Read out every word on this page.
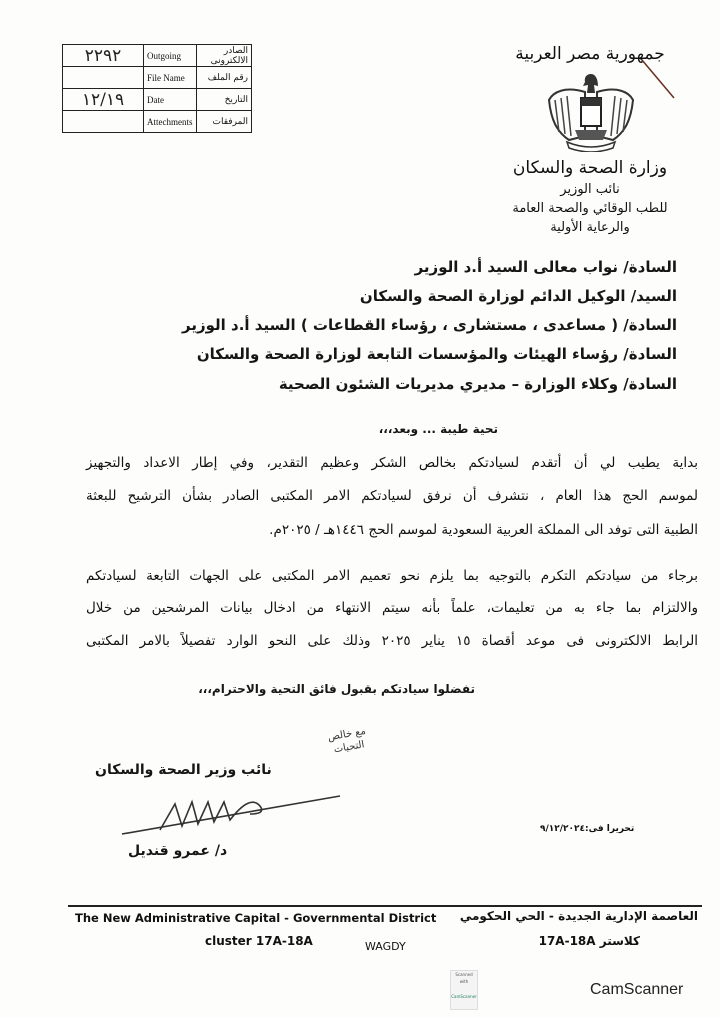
٢٢٩٢	Outgoing	الصادر الالكترونى
	File Name	رقم الملف
١٢/١٩	Date	التاريخ
	Attechments	المرفقات
جمهورية مصر العربية
وزارة الصحة والسكان
نائب الوزير
للطب الوقائي والصحة العامة
والرعاية الأولية
السادة/ نواب معالى السيد أ.د الوزير
السيد/ الوكيل الدائم لوزارة الصحة والسكان
السادة/ ( مساعدى ، مستشارى ، رؤساء القطاعات ) السيد أ.د الوزير
السادة/ رؤساء الهيئات والمؤسسات التابعة لوزارة الصحة والسكان
السادة/ وكلاء الوزارة – مديري مديريات الشئون الصحية
تحية طيبة ... وبعد،،،
بداية يطيب لي أن أتقدم لسيادتكم بخالص الشكر وعظيم التقدير، وفي إطار الاعداد والتجهيز
لموسم الحج هذا العام ، نتشرف أن نرفق لسيادتكم الامر المكتبى الصادر بشأن الترشيح للبعثة
الطبية التى توفد الى المملكة العربية السعودية لموسم الحج ١٤٤٦هـ / ٢٠٢٥م.
برجاء من سيادتكم التكرم بالتوجيه بما يلزم نحو تعميم الامر المكتبى على الجهات التابعة لسيادتكم
والالتزام بما جاء به من تعليمات، علماً بأنه سيتم الانتهاء من ادخال بيانات المرشحين من خلال
الرابط الالكترونى فى موعد أقصاة ١٥ يناير ٢٠٢٥ وذلك على النحو الوارد تفصيلاً بالامر المكتبى
تفضلوا سيادتكم بقبول فائق التحية والاحترام،،،
مع خالص التحيات
نائب وزير الصحة والسكان
د/ عمرو قنديل
تحريرا فى:٩/١٢/٢٠٢٤
The New Administrative Capital - Governmental District العاصمة الإدارية الجديدة - الحي الحكومي
cluster 17A-18A	WAGDY	كلاستر 17A-18A
Scanned with
CamScanner	CamScanner
